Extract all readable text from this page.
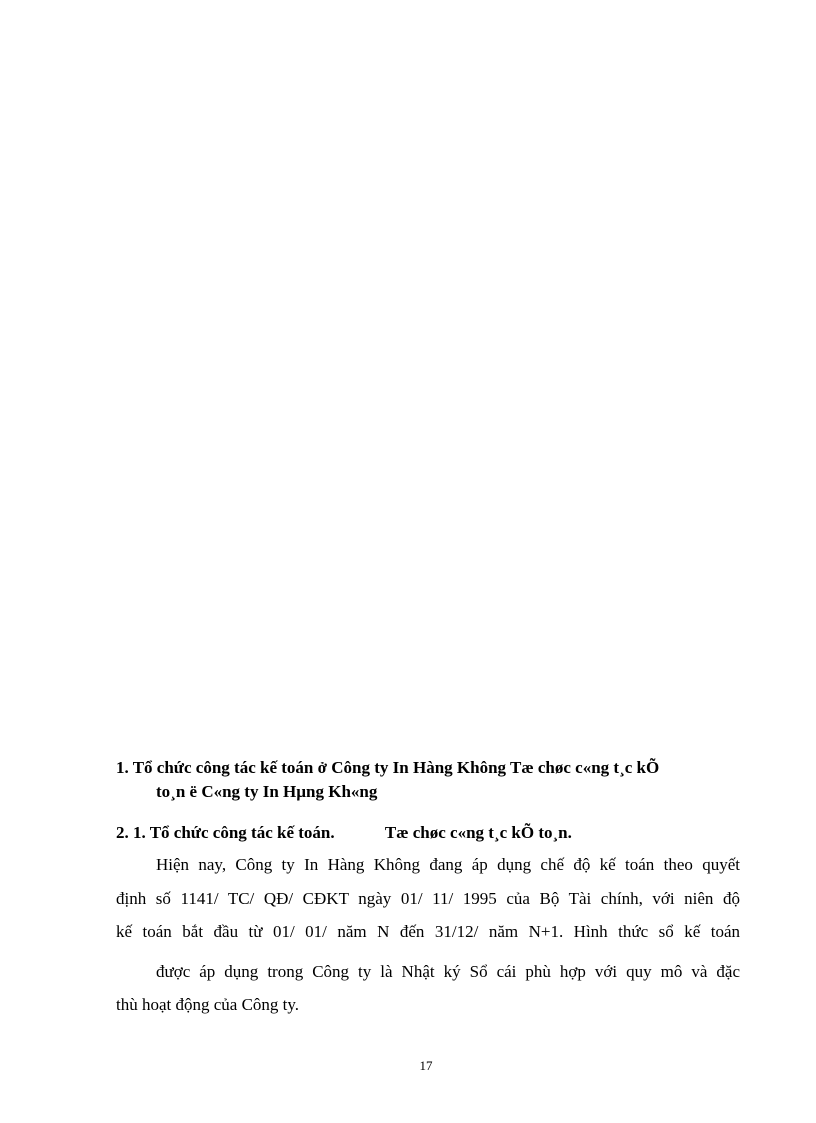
1. Tổ chức công tác kế toán ở Công ty In Hàng Không Tæ chøc c«ng t¸c kÕ
to¸n ë C«ng ty In Hµng Kh«ng
2. 1. Tổ chức công tác kế toán.	Tæ chøc c«ng t¸c kÕ to¸n.
Hiện nay, Công ty In Hàng Không đang áp dụng chế độ kế toán theo quyết
định số 1141/ TC/ QĐ/ CĐKT ngày 01/ 11/ 1995 của Bộ Tài chính, với niên độ
kế toán bắt đầu từ 01/ 01/ năm N đến 31/12/ năm N+1. Hình thức sổ kế toán
được áp dụng trong Công ty là Nhật ký Sổ cái phù hợp với quy mô và đặc
thù hoạt động của Công ty.
17
